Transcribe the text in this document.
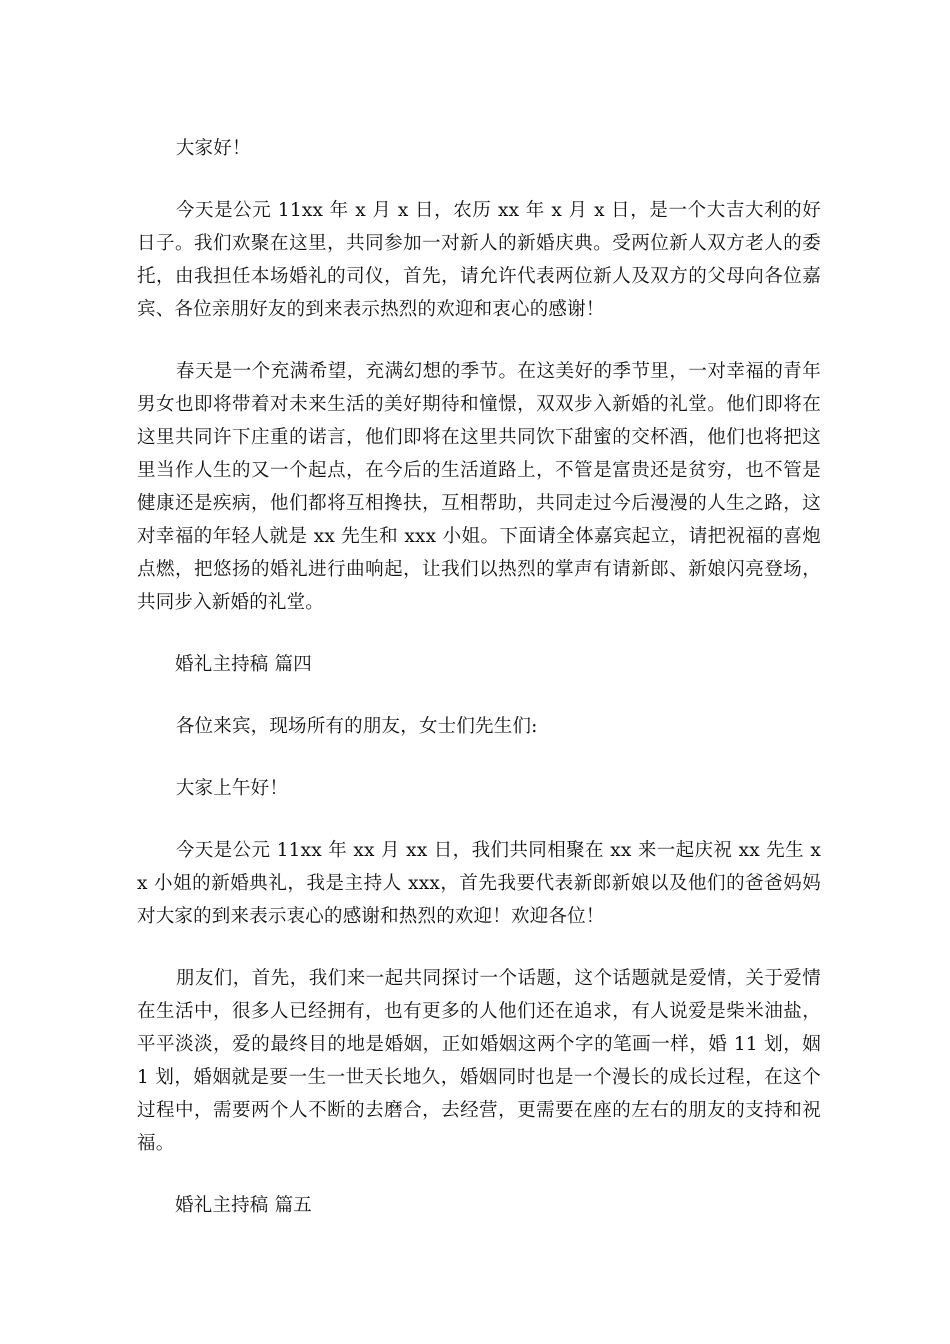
大家好！

今天是公元 11xx 年 x 月 x 日，农历 xx 年 x 月 x 日，是一个大吉大利的好日子。我们欢聚在这里，共同参加一对新人的新婚庆典。受两位新人双方老人的委托，由我担任本场婚礼的司仪，首先，请允许代表两位新人及双方的父母向各位嘉宾、各位亲朋好友的到来表示热烈的欢迎和衷心的感谢！

春天是一个充满希望，充满幻想的季节。在这美好的季节里，一对幸福的青年男女也即将带着对未来生活的美好期待和憧憬，双双步入新婚的礼堂。他们即将在这里共同许下庄重的诺言，他们即将在这里共同饮下甜蜜的交杯酒，他们也将把这里当作人生的又一个起点，在今后的生活道路上，不管是富贵还是贫穷，也不管是健康还是疾病，他们都将互相搀扶，互相帮助，共同走过今后漫漫的人生之路，这对幸福的年轻人就是 xx 先生和 xxx 小姐。下面请全体嘉宾起立，请把祝福的喜炮点燃，把悠扬的婚礼进行曲响起，让我们以热烈的掌声有请新郎、新娘闪亮登场，共同步入新婚的礼堂。

婚礼主持稿 篇四

各位来宾，现场所有的朋友，女士们先生们:

大家上午好！

今天是公元 11xx 年 xx 月 xx 日，我们共同相聚在 xx 来一起庆祝 xx 先生 xx 小姐的新婚典礼，我是主持人 xxx，首先我要代表新郎新娘以及他们的爸爸妈妈对大家的到来表示衷心的感谢和热烈的欢迎！欢迎各位！

朋友们，首先，我们来一起共同探讨一个话题，这个话题就是爱情，关于爱情在生活中，很多人已经拥有，也有更多的人他们还在追求，有人说爱是柴米油盐，平平淡淡，爱的最终目的地是婚姻，正如婚姻这两个字的笔画一样，婚 11 划，姻 1 划，婚姻就是要一生一世天长地久，婚姻同时也是一个漫长的成长过程，在这个过程中，需要两个人不断的去磨合，去经营，更需要在座的左右的朋友的支持和祝福。

婚礼主持稿 篇五
